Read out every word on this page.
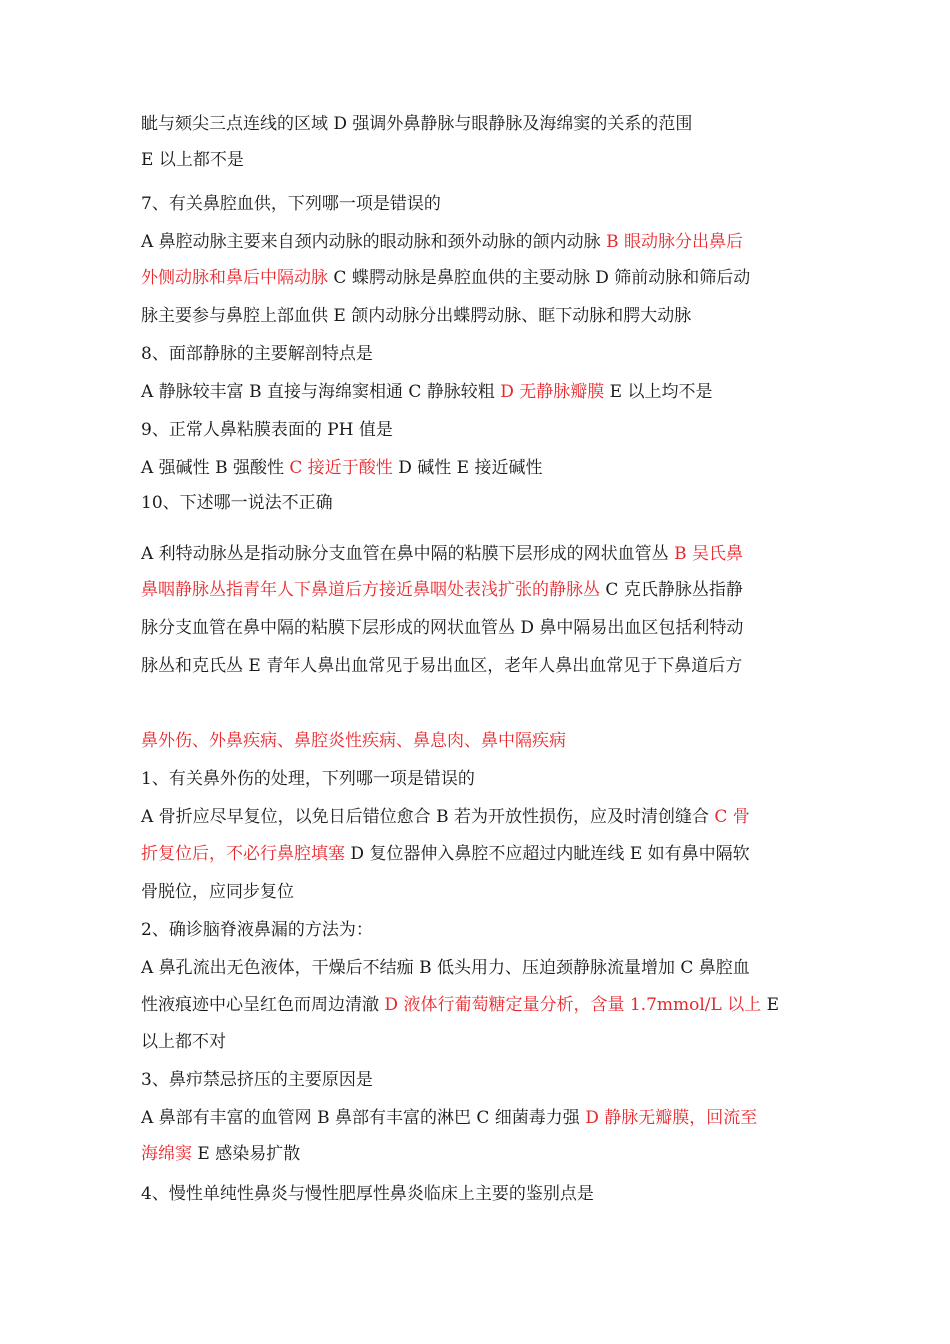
眦与颏尖三点连线的区域 D 强调外鼻静脉与眼静脉及海绵窦的关系的范围
E 以上都不是
7、有关鼻腔血供，下列哪一项是错误的
A 鼻腔动脉主要来自颈内动脉的眼动脉和颈外动脉的颌内动脉 B 眼动脉分出鼻后
外侧动脉和鼻后中隔动脉 C 蝶腭动脉是鼻腔血供的主要动脉 D 筛前动脉和筛后动
脉主要参与鼻腔上部血供 E 颌内动脉分出蝶腭动脉、眶下动脉和腭大动脉
8、面部静脉的主要解剖特点是
A 静脉较丰富 B 直接与海绵窦相通 C 静脉较粗 D 无静脉瓣膜 E 以上均不是
9、正常人鼻粘膜表面的 PH 值是
A 强碱性 B 强酸性 C 接近于酸性 D 碱性 E 接近碱性
10、下述哪一说法不正确
A 利特动脉丛是指动脉分支血管在鼻中隔的粘膜下层形成的网状血管丛 B 吴氏鼻
鼻咽静脉丛指青年人下鼻道后方接近鼻咽处表浅扩张的静脉丛 C 克氏静脉丛指静
脉分支血管在鼻中隔的粘膜下层形成的网状血管丛 D 鼻中隔易出血区包括利特动
脉丛和克氏丛 E 青年人鼻出血常见于易出血区，老年人鼻出血常见于下鼻道后方
鼻外伤、外鼻疾病、鼻腔炎性疾病、鼻息肉、鼻中隔疾病
1、有关鼻外伤的处理，下列哪一项是错误的
A 骨折应尽早复位，以免日后错位愈合 B 若为开放性损伤，应及时清创缝合 C 骨
折复位后，不必行鼻腔填塞 D 复位器伸入鼻腔不应超过内眦连线 E 如有鼻中隔软
骨脱位，应同步复位
2、确诊脑脊液鼻漏的方法为：
A 鼻孔流出无色液体，干燥后不结痂 B 低头用力、压迫颈静脉流量增加 C 鼻腔血
性液痕迹中心呈红色而周边清澈 D 液体行葡萄糖定量分析，含量 1.7mmol/L 以上 E
以上都不对
3、鼻疖禁忌挤压的主要原因是
A 鼻部有丰富的血管网 B 鼻部有丰富的淋巴 C 细菌毒力强 D 静脉无瓣膜，回流至
海绵窦 E 感染易扩散
4、慢性单纯性鼻炎与慢性肥厚性鼻炎临床上主要的鉴别点是
